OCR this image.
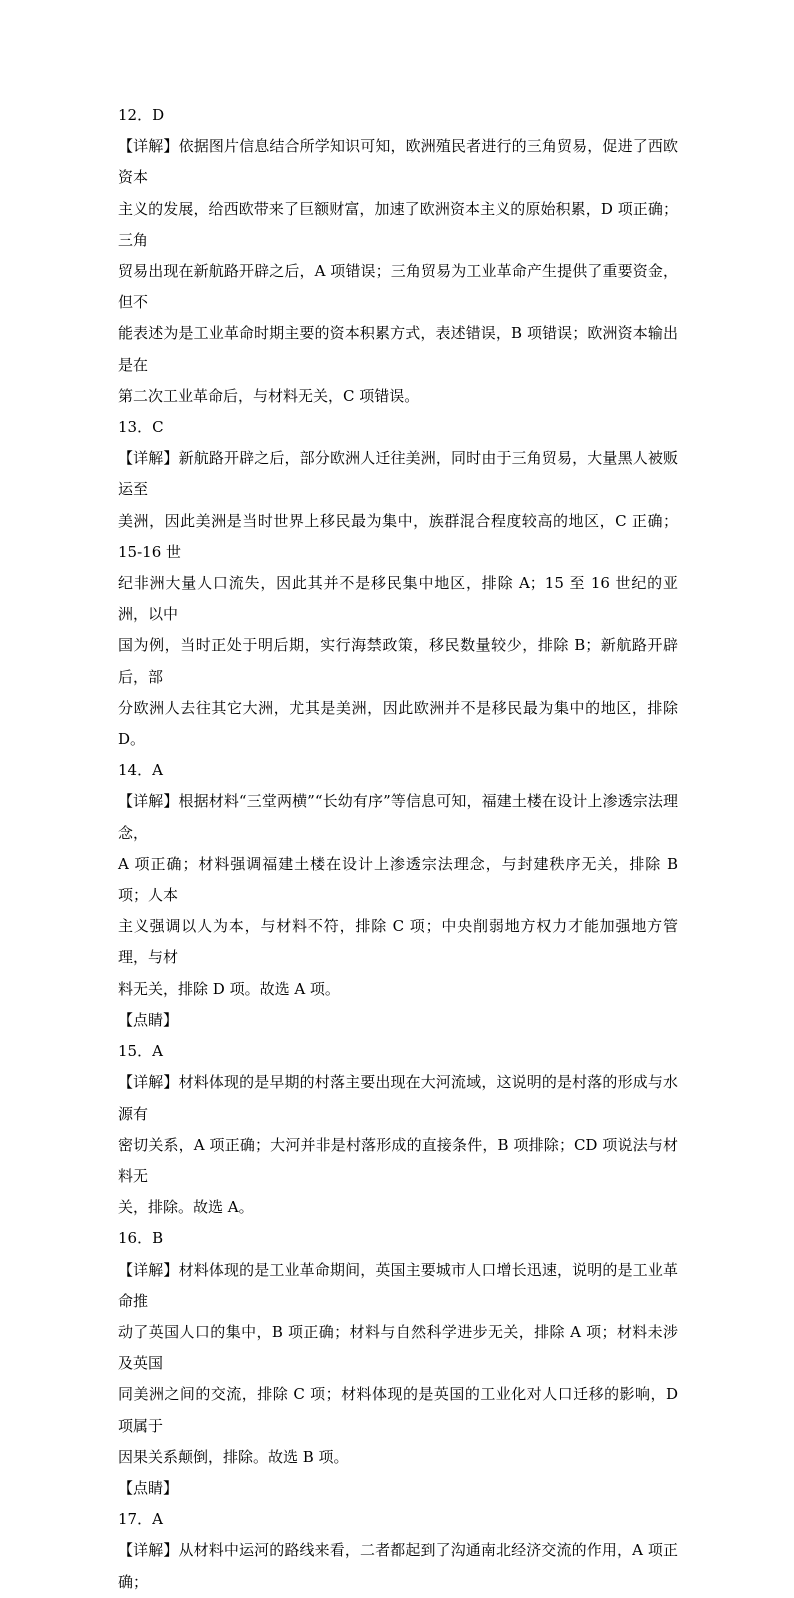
12．D
【详解】依据图片信息结合所学知识可知，欧洲殖民者进行的三角贸易，促进了西欧资本
主义的发展，给西欧带来了巨额财富，加速了欧洲资本主义的原始积累，D 项正确；三角
贸易出现在新航路开辟之后，A 项错误；三角贸易为工业革命产生提供了重要资金，但不
能表述为是工业革命时期主要的资本积累方式，表述错误，B 项错误；欧洲资本输出是在
第二次工业革命后，与材料无关，C 项错误。
13．C
【详解】新航路开辟之后，部分欧洲人迁往美洲，同时由于三角贸易，大量黑人被贩运至
美洲，因此美洲是当时世界上移民最为集中，族群混合程度较高的地区，C 正确；15-16 世
纪非洲大量人口流失，因此其并不是移民集中地区，排除 A；15 至 16 世纪的亚洲，以中
国为例，当时正处于明后期，实行海禁政策，移民数量较少，排除 B；新航路开辟后，部
分欧洲人去往其它大洲，尤其是美洲，因此欧洲并不是移民最为集中的地区，排除 D。
14．A
【详解】根据材料“三堂两横”“长幼有序”等信息可知，福建土楼在设计上渗透宗法理念，
A 项正确；材料强调福建土楼在设计上渗透宗法理念，与封建秩序无关，排除 B 项；人本
主义强调以人为本，与材料不符，排除 C 项；中央削弱地方权力才能加强地方管理，与材
料无关，排除 D 项。故选 A 项。
【点睛】
15．A
【详解】材料体现的是早期的村落主要出现在大河流域，这说明的是村落的形成与水源有
密切关系，A 项正确；大河并非是村落形成的直接条件，B 项排除；CD 项说法与材料无
关，排除。故选 A。
16．B
【详解】材料体现的是工业革命期间，英国主要城市人口增长迅速，说明的是工业革命推
动了英国人口的集中，B 项正确；材料与自然科学进步无关，排除 A 项；材料未涉及英国
同美洲之间的交流，排除 C 项；材料体现的是英国的工业化对人口迁移的影响，D 项属于
因果关系颠倒，排除。故选 B 项。
【点睛】
17．A
【详解】从材料中运河的路线来看，二者都起到了沟通南北经济交流的作用，A 项正确；
